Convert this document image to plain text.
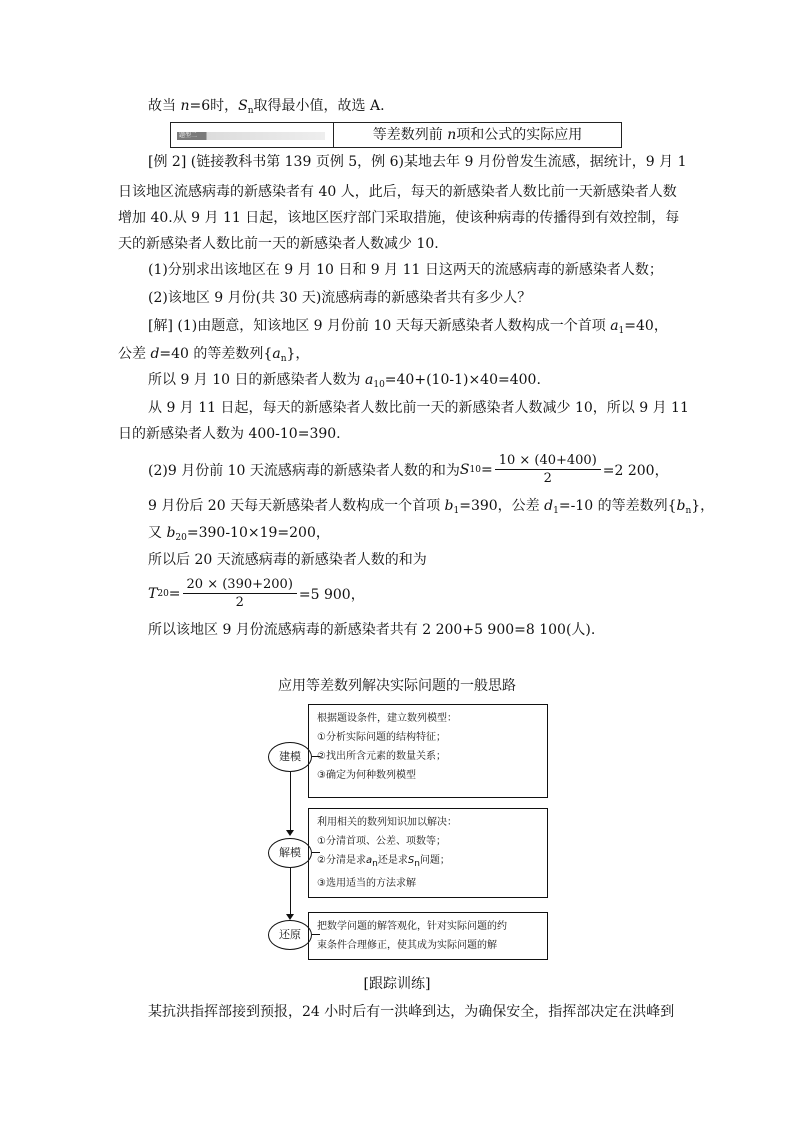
故当 n=6时，$S_n$取得最小值，故选 A.
题型二	等差数列前 n项和公式的实际应用
[例 2] (链接教科书第 139 页例 5，例 6)某地去年 9 月份曾发生流感，据统计，9 月 1
日该地区流感病毒的新感染者有 40 人，此后，每天的新感染者人数比前一天新感染者人数
增加 40.从 9 月 11 日起，该地区医疗部门采取措施，使该种病毒的传播得到有效控制，每
天的新感染者人数比前一天的新感染者人数减少 10.
(1)分别求出该地区在 9 月 10 日和 9 月 11 日这两天的流感病毒的新感染者人数；
(2)该地区 9 月份(共 30 天)流感病毒的新感染者共有多少人？
[解] (1)由题意，知该地区 9 月份前 10 天每天新感染者人数构成一个首项 $a_1=40$，
公差 d=40 的等差数列$\{a_n\}$，
所以 9 月 10 日的新感染者人数为 $a_{10}=40+(10-1)\times 40=400$.
从 9 月 11 日起，每天的新感染者人数比前一天的新感染者人数减少 10，所以 9 月 11
日的新感染者人数为 400-10=390.
(2)9 月份前 10 天流感病毒的新感染者人数的和为 S $10 = \frac{10 \times (40+400)}{2} =2$ 200，
9 月份后 20 天每天新感染者人数构成一个首项 $b_1=390$，公差 $d_1=-10$ 的等差数列$\{b_n\}$，
又 $b_{20}=390-10\times 19=200$，
所以后 20 天流感病毒的新感染者人数的和为
T $20 = \frac{20 \times (390+200)}{2} =5$ 900，
所以该地区 9 月份流感病毒的新感染者共有 2 200+5 900=8 100(人).
应用等差数列解决实际问题的一般思路
建模
解模
还原
根据题设条件，建立数列模型：
①分析实际问题的结构特征；
②找出所含元素的数量关系；
③确定为何种数列模型
利用相关的数列知识加以解决：
①分清首项、公差、项数等；
②分清是求$a_n$还是求$S_n$问题；
③选用适当的方法求解
把数学问题的解答观化，针对实际问题的约
束条件合理修正，使其成为实际问题的解
[跟踪训练]
某抗洪指挥部接到预报，24 小时后有一洪峰到达，为确保安全，指挥部决定在洪峰到
